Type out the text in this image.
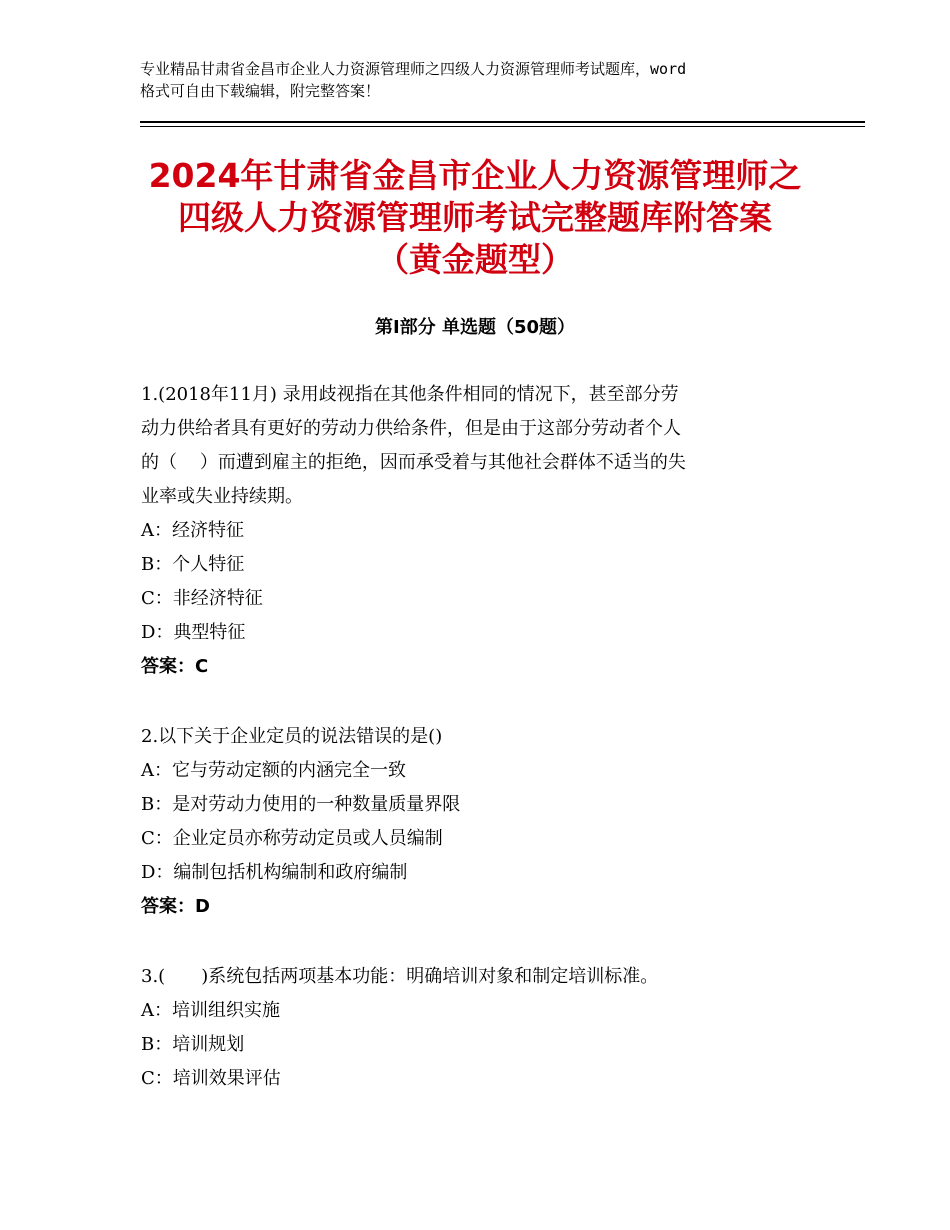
专业精品甘肃省金昌市企业人力资源管理师之四级人力资源管理师考试题库，word
格式可自由下载编辑，附完整答案！
2024年甘肃省金昌市企业人力资源管理师之
四级人力资源管理师考试完整题库附答案
（黄金题型）
第Ⅰ部分 单选题（50题）
1.(2018年11月) 录用歧视指在其他条件相同的情况下，甚至部分劳
动力供给者具有更好的劳动力供给条件，但是由于这部分劳动者个人
的（    ）而遭到雇主的拒绝，因而承受着与其他社会群体不适当的失
业率或失业持续期。
A：经济特征
B：个人特征
C：非经济特征
D：典型特征
答案：C
2.以下关于企业定员的说法错误的是()
A：它与劳动定额的内涵完全一致
B：是对劳动力使用的一种数量质量界限
C：企业定员亦称劳动定员或人员编制
D：编制包括机构编制和政府编制
答案：D
3.(　　)系统包括两项基本功能：明确培训对象和制定培训标准。
A：培训组织实施
B：培训规划
C：培训效果评估
